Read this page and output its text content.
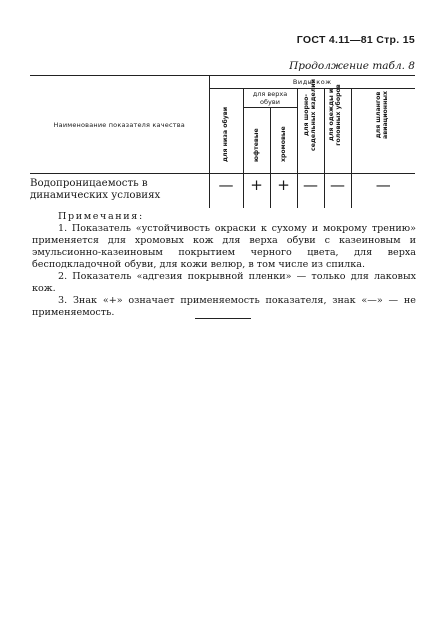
ГОСТ 4.11—81 Стр. 15
Продолжение табл. 8
Наименование показателя качества	Виды кож					

	для низа обуви	для верха обуви		для шорно-седельных изделий	для одежды и головных уборов	для шлангов авиационных

		юфтевые	хромовые			

Водопроницаемость в динамических условиях	—	+	+	—	—	—

Примечания:

1. Показатель «устойчивость окраски к сухому и мокрому трению» применяется для хромовых кож для верха обуви с казеиновым и эмульсионно-казеиновым покрытием черного цвета, для верха бесподкладочной обуви, для кожи велюр, в том числе из спилка.

2. Показатель «адгезия покрывной пленки» — только для лаковых кож.

3. Знак «+» означает применяемость показателя, знак «—» — не применяемость.
